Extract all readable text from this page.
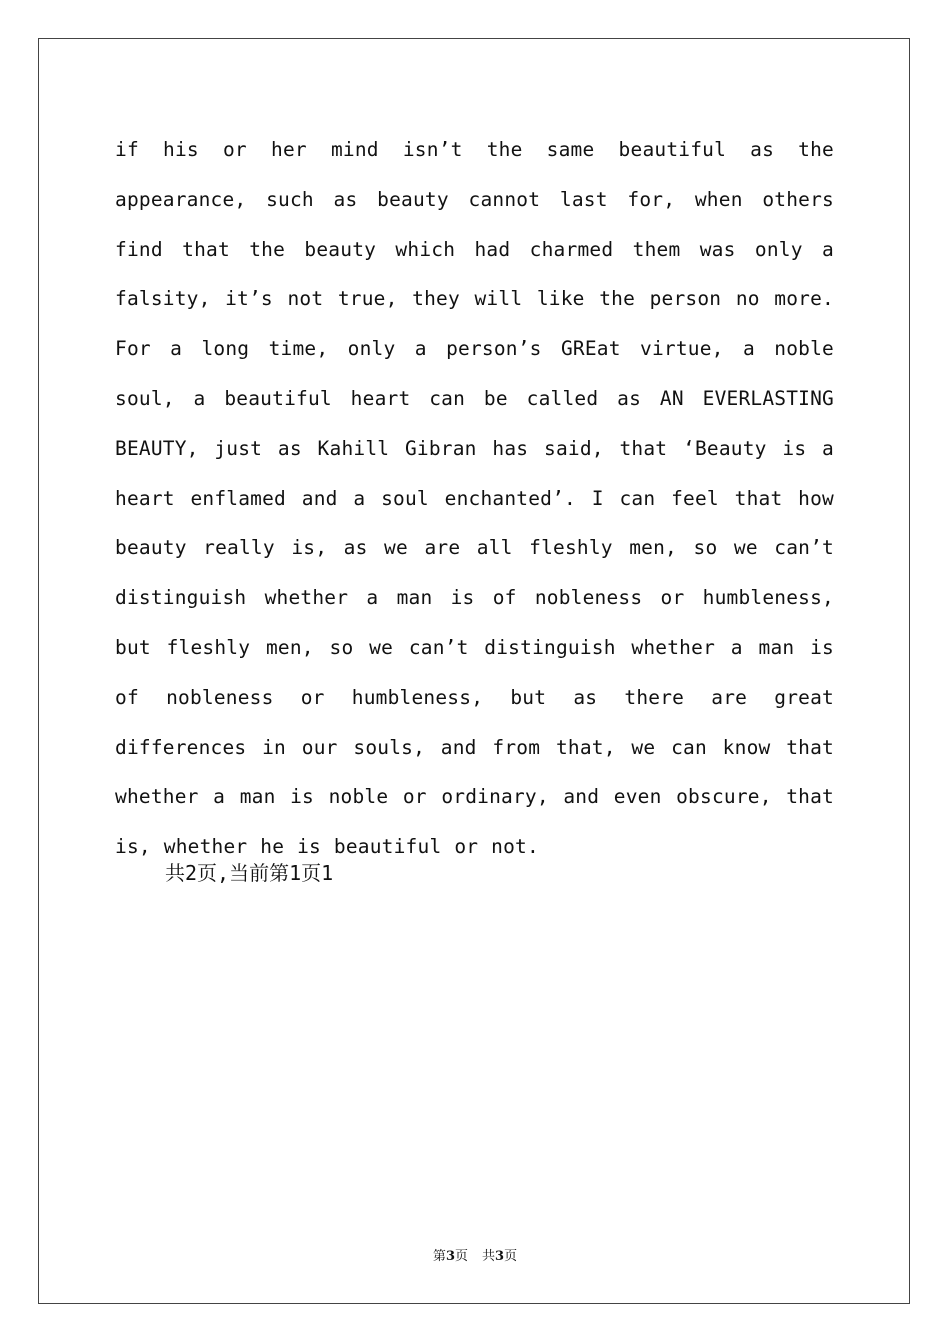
if his or her mind isn’t the same beautiful as the appearance, such as beauty cannot last for, when others find that the beauty which had charmed them was only a falsity, it’s not true, they will like the person no more. For a long time, only a person’s GREat virtue, a noble soul, a beautiful heart can be called as AN EVERLASTING BEAUTY, just as Kahill Gibran has said, that ‘Beauty is a heart enflamed and a soul enchanted’. I can feel that how beauty really is, as we are all fleshly men, so we can’t distinguish whether a man is of nobleness or humbleness, but fleshly men, so we can’t distinguish whether a man is of nobleness or humbleness, but as there are great differences in our souls, and from that, we can know that whether a man is noble or ordinary, and even obscure, that is, whether he is beautiful or not.

共2页,当前第1页1

第3页 共3页
